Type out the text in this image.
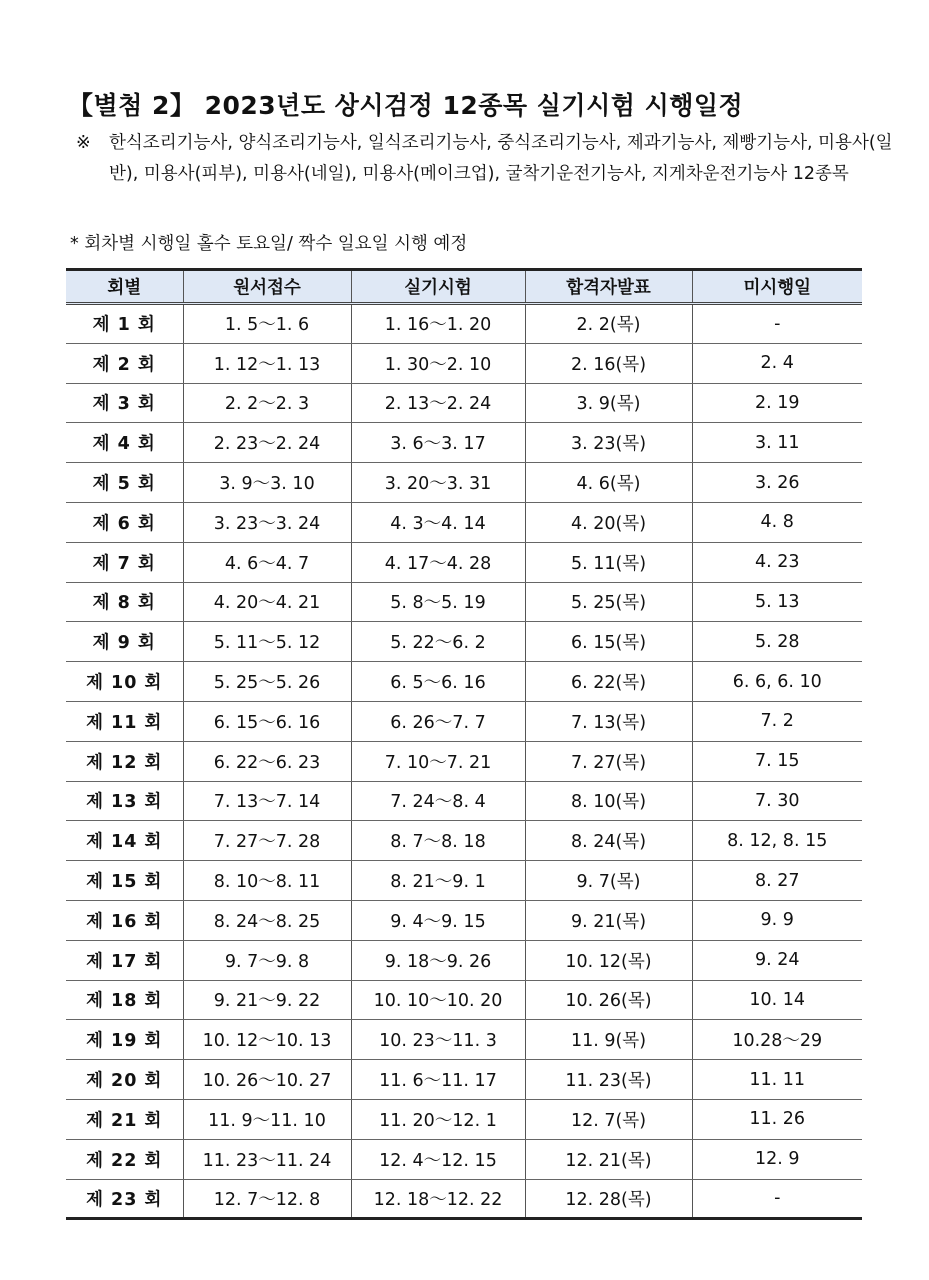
【별첨 2】 2023년도 상시검정 12종목 실기시험 시행일정
※ 한식조리기능사, 양식조리기능사, 일식조리기능사, 중식조리기능사, 제과기능사, 제빵기능사, 미용사(일반), 미용사(피부), 미용사(네일), 미용사(메이크업), 굴착기운전기능사, 지게차운전기능사 12종목
* 회차별 시행일 홀수 토요일/ 짝수 일요일 시행 예정
회별	원서접수	실기시험	합격자발표	미시행일
제 1 회	1. 5～1. 6	1. 16～1. 20	2. 2(목)	-
제 2 회	1. 12～1. 13	1. 30～2. 10	2. 16(목)	2. 4
제 3 회	2. 2～2. 3	2. 13～2. 24	3. 9(목)	2. 19
제 4 회	2. 23～2. 24	3. 6～3. 17	3. 23(목)	3. 11
제 5 회	3. 9～3. 10	3. 20～3. 31	4. 6(목)	3. 26
제 6 회	3. 23～3. 24	4. 3～4. 14	4. 20(목)	4. 8
제 7 회	4. 6～4. 7	4. 17～4. 28	5. 11(목)	4. 23
제 8 회	4. 20～4. 21	5. 8～5. 19	5. 25(목)	5. 13
제 9 회	5. 11～5. 12	5. 22～6. 2	6. 15(목)	5. 28
제 10 회	5. 25～5. 26	6. 5～6. 16	6. 22(목)	6. 6, 6. 10
제 11 회	6. 15～6. 16	6. 26～7. 7	7. 13(목)	7. 2
제 12 회	6. 22～6. 23	7. 10～7. 21	7. 27(목)	7. 15
제 13 회	7. 13～7. 14	7. 24～8. 4	8. 10(목)	7. 30
제 14 회	7. 27～7. 28	8. 7～8. 18	8. 24(목)	8. 12, 8. 15
제 15 회	8. 10～8. 11	8. 21～9. 1	9. 7(목)	8. 27
제 16 회	8. 24～8. 25	9. 4～9. 15	9. 21(목)	9. 9
제 17 회	9. 7～9. 8	9. 18～9. 26	10. 12(목)	9. 24
제 18 회	9. 21～9. 22	10. 10～10. 20	10. 26(목)	10. 14
제 19 회	10. 12～10. 13	10. 23～11. 3	11. 9(목)	10.28～29
제 20 회	10. 26～10. 27	11. 6～11. 17	11. 23(목)	11. 11
제 21 회	11. 9～11. 10	11. 20～12. 1	12. 7(목)	11. 26
제 22 회	11. 23～11. 24	12. 4～12. 15	12. 21(목)	12. 9
제 23 회	12. 7～12. 8	12. 18～12. 22	12. 28(목)	-
